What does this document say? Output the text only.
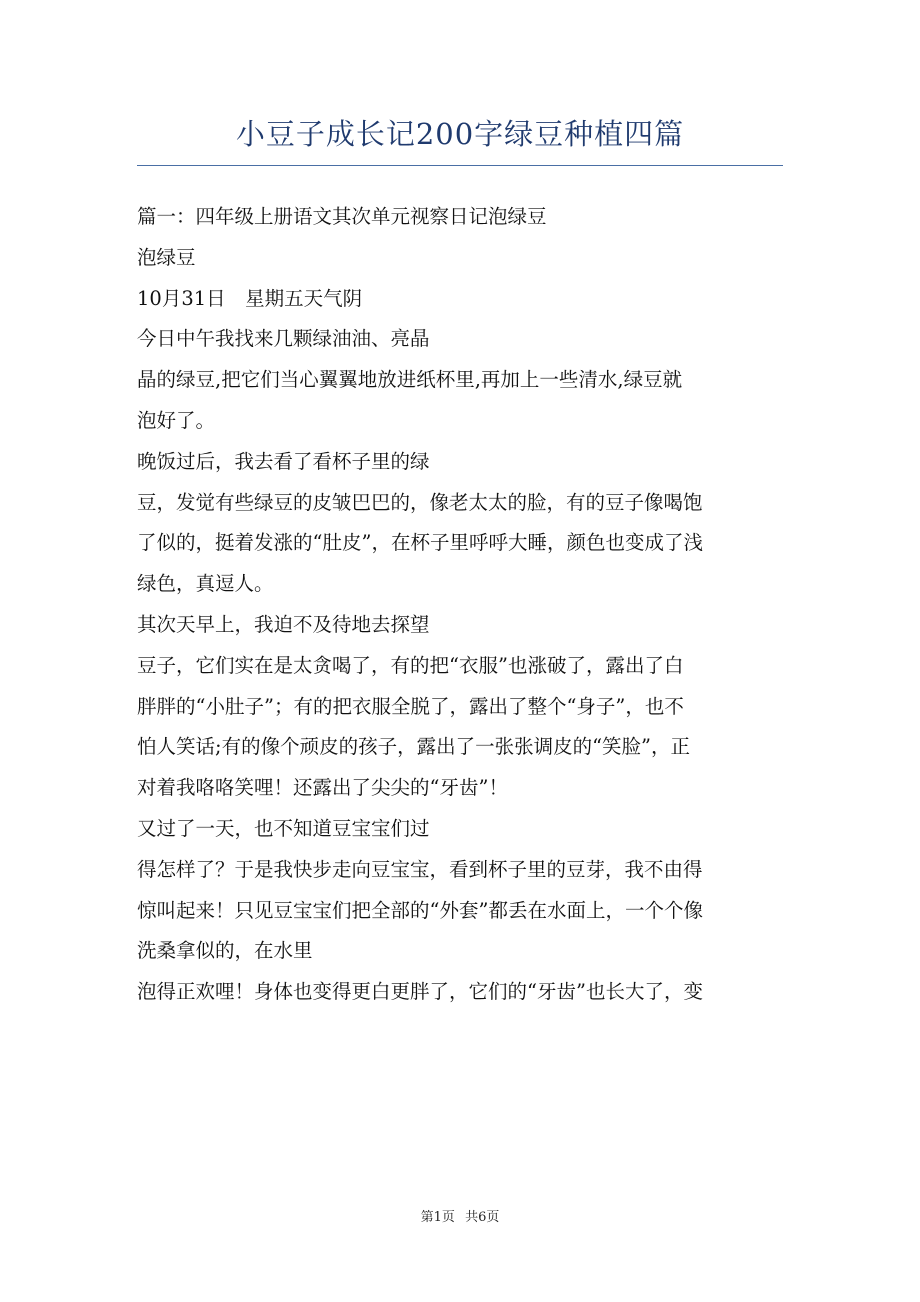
小豆子成长记200字绿豆种植四篇
篇一：四年级上册语文其次单元视察日记泡绿豆
泡绿豆
10月31日　星期五天气阴
今日中午我找来几颗绿油油、亮晶
晶的绿豆,把它们当心翼翼地放进纸杯里,再加上一些清水,绿豆就
泡好了。
晚饭过后，我去看了看杯子里的绿
豆，发觉有些绿豆的皮皱巴巴的，像老太太的脸，有的豆子像喝饱
了似的，挺着发涨的“肚皮”，在杯子里呼呼大睡，颜色也变成了浅
绿色，真逗人。
其次天早上，我迫不及待地去探望
豆子，它们实在是太贪喝了，有的把“衣服”也涨破了，露出了白
胖胖的“小肚子”；有的把衣服全脱了，露出了整个“身子”，也不
怕人笑话;有的像个顽皮的孩子，露出了一张张调皮的“笑脸”，正
对着我咯咯笑哩！还露出了尖尖的“牙齿”！
又过了一天，也不知道豆宝宝们过
得怎样了？于是我快步走向豆宝宝，看到杯子里的豆芽，我不由得
惊叫起来！只见豆宝宝们把全部的“外套”都丢在水面上，一个个像
洗桑拿似的，在水里
泡得正欢哩！身体也变得更白更胖了，它们的“牙齿”也长大了，变
第1页 共6页
